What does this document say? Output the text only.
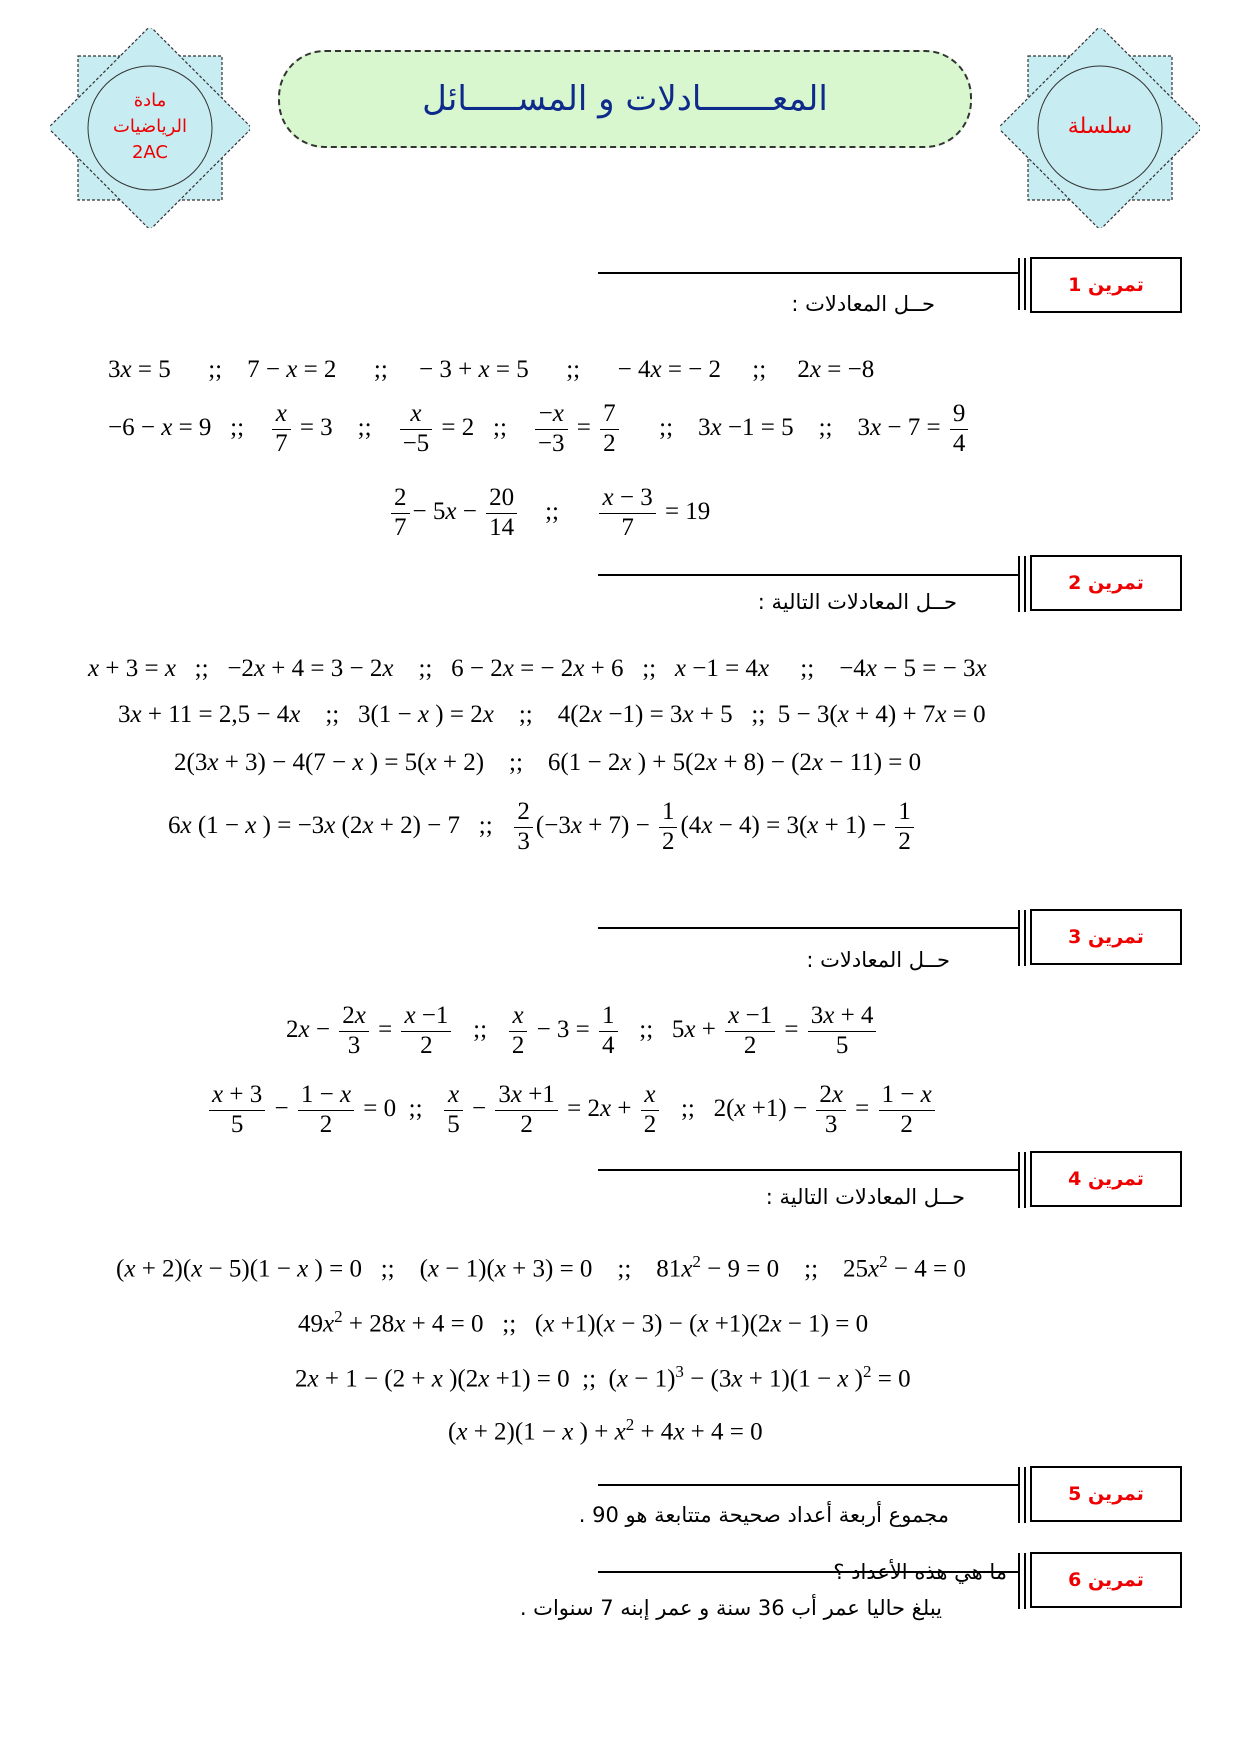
مادة
الرياضيات
2AC
المعـــــــادلات و المســـــائل
سلسلة
تمرين 1
حــل المعادلات :
3x = 5      ;;    7 − x = 2      ;;     − 3 + x = 5      ;;      − 4x = − 2     ;;     2x = −8
−6 − x = 9   ;; $\frac{x}{7} = 3$    ;; $\frac{x}{-5} = 2$   ;; $\frac{-x}{-3} = \frac{7}{2}$ ;;    3x −1 = 5    ;;    $3x - 7 = \frac{9}{4}$
$\frac{2}{7} - 5x - \frac{20}{14}$ ;; $\frac{x - 3}{7} = 19$
تمرين 2
حــل المعادلات التالية :
x + 3 = x   ;;   −2x + 4 = 3 − 2x    ;;   6 − 2x = − 2x + 6   ;;   x −1 = 4x     ;;    −4x − 5 = − 3x
3x + 11 = 2,5 − 4x    ;;   3(1 − x ) = 2x    ;;    4(2x −1) = 3x + 5   ;;  5 − 3(x + 4) + 7x = 0
2(3x + 3) − 4(7 − x ) = 5(x + 2)    ;;    6(1 − 2x ) + 5(2x + 8) − (2x − 11) = 0
6x (1 − x ) = −3x (2x + 2) − 7   ;; $\frac{2}{3} (-3x + 7) - \frac{1}{2} (4x - 4) = 3(x + 1) - \frac{1}{2}$
تمرين 3
حــل المعادلات :
$2x - \frac{2x}{3} = \frac{x -1}{2}$ ;; $\frac{x}{2} - 3 = \frac{1}{4}$ ;;   $5x + \frac{x -1}{2} = \frac{3x + 4}{5}$
$\frac{x + 3}{5} - \frac{1 - x}{2} = 0$  ;; $\frac{x}{5} - \frac{3x +1}{2} = 2x + \frac{x}{2}$ ;;   $2(x +1) - \frac{2x}{3} = \frac{1 - x}{2}$
تمرين 4
حــل المعادلات التالية :
(x + 2)(x − 5)(1 − x ) = 0   ;;    (x − 1)(x + 3) = 0    ;;    $81x^2 - 9 = 0$    ;;    $25x^2 - 4 = 0$
$49x^2 + 28x + 4 = 0$   ;;   (x +1)(x − 3) − (x +1)(2x − 1) = 0
2x + 1 − (2 + x )(2x +1) = 0  ;;  $(x - 1)^3 - (3x + 1)(1 - x$ )$^2$ = 0
(x + 2)(1 − x ) + $x^2 + 4x + 4 = 0$
تمرين 5
مجموع أربعة أعداد صحيحة متتابعة هو 90 .
ما هي هذه الأعداد ؟	تمرين 6
يبلغ حاليا عمر أب 36 سنة و عمر إبنه 7 سنوات .
